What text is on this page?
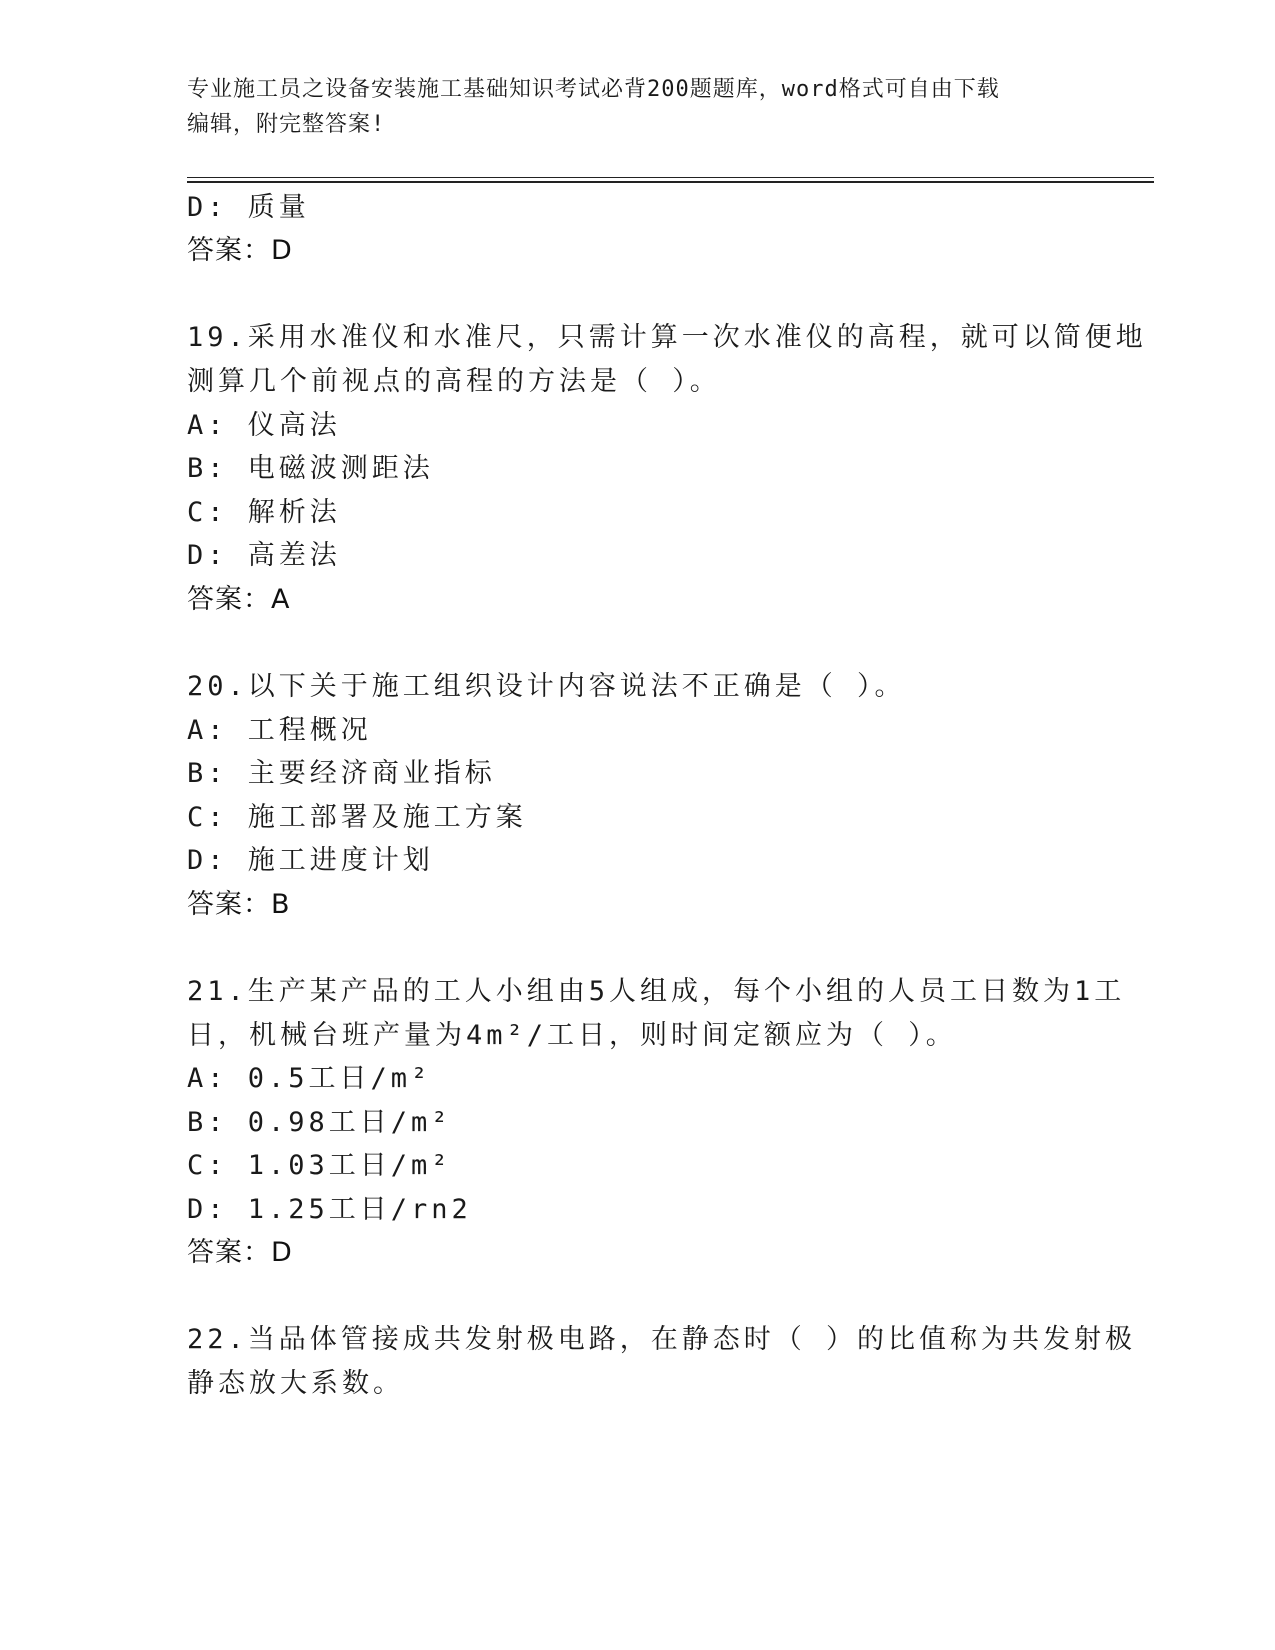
专业施工员之设备安装施工基础知识考试必背200题题库，word格式可自由下载
编辑，附完整答案!
D: 质量
答案：D
19.采用水准仪和水准尺，只需计算一次水准仪的高程，就可以简便地
测算几个前视点的高程的方法是（ ）。
A: 仪高法
B: 电磁波测距法
C: 解析法
D: 高差法
答案：A
20.以下关于施工组织设计内容说法不正确是（ ）。
A: 工程概况
B: 主要经济商业指标
C: 施工部署及施工方案
D: 施工进度计划
答案：B
21.生产某产品的工人小组由5人组成，每个小组的人员工日数为1工
日，机械台班产量为4m²/工日，则时间定额应为（ ）。
A: 0.5工日/m²
B: 0.98工日/m²
C: 1.03工日/m²
D: 1.25工日/rn2
答案：D
22.当品体管接成共发射极电路，在静态时（ ）的比值称为共发射极
静态放大系数。
